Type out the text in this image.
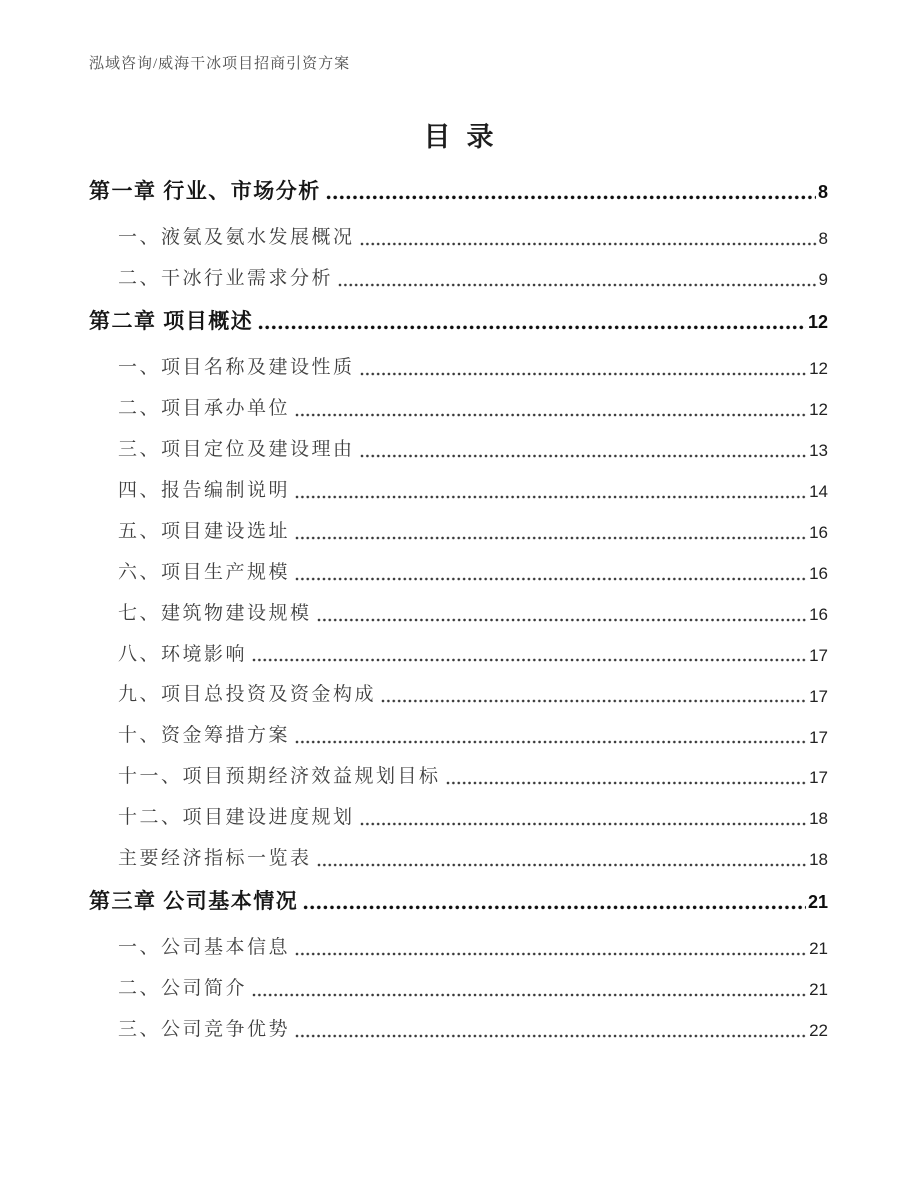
泓域咨询/威海干冰项目招商引资方案
目录
第一章 行业、市场分析	8
一、液氨及氨水发展概况	8
二、干冰行业需求分析	9
第二章 项目概述	12
一、项目名称及建设性质	12
二、项目承办单位	12
三、项目定位及建设理由	13
四、报告编制说明	14
五、项目建设选址	16
六、项目生产规模	16
七、建筑物建设规模	16
八、环境影响	17
九、项目总投资及资金构成	17
十、资金筹措方案	17
十一、项目预期经济效益规划目标	17
十二、项目建设进度规划	18
主要经济指标一览表	18
第三章 公司基本情况	21
一、公司基本信息	21
二、公司简介	21
三、公司竞争优势	22
